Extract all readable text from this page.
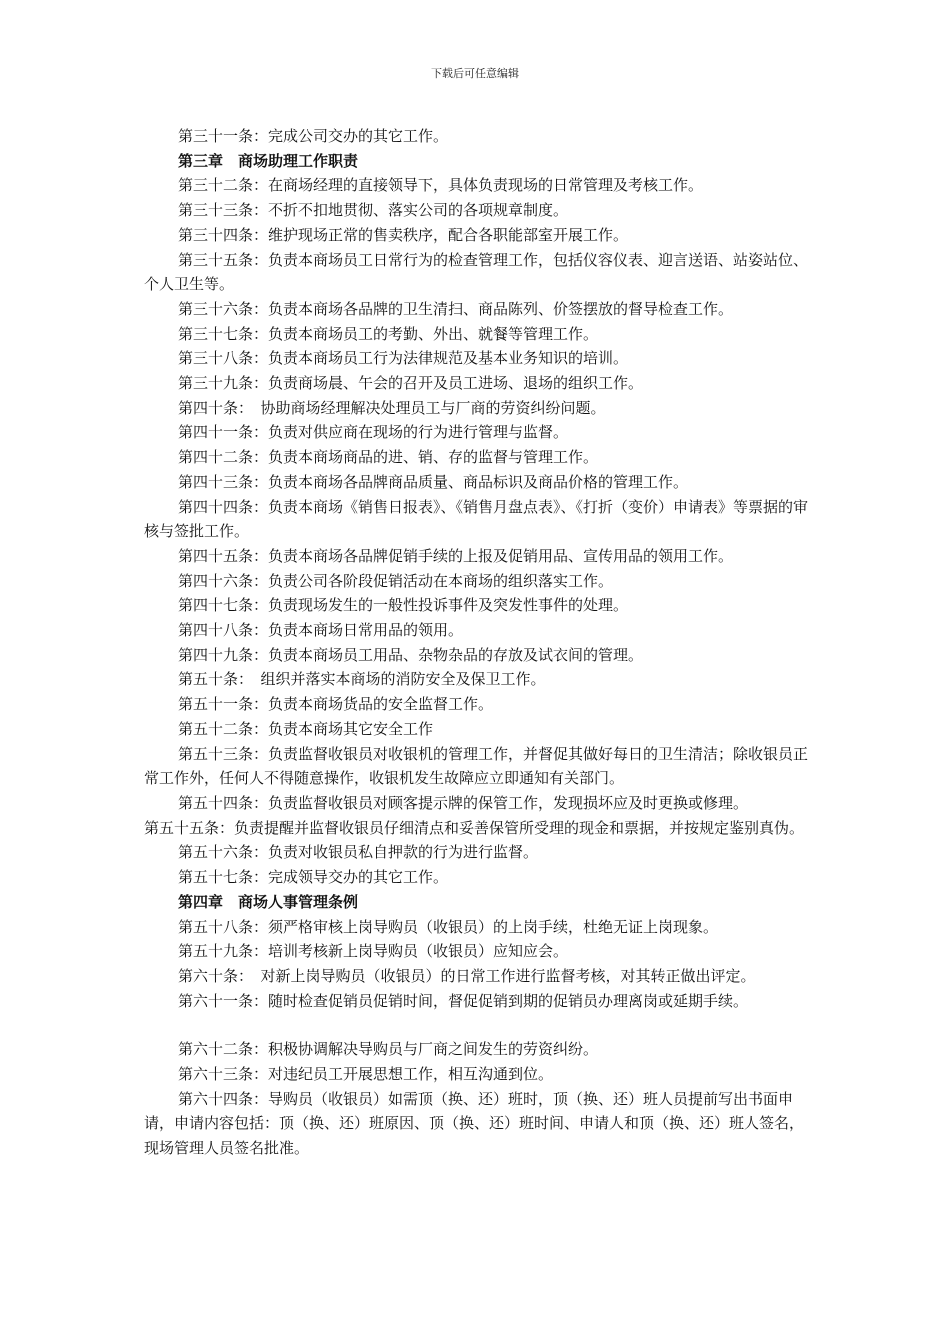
下载后可任意编辑

第三十一条：完成公司交办的其它工作。

第三章　商场助理工作职责

第三十二条：在商场经理的直接领导下，具体负责现场的日常管理及考核工作。

第三十三条：不折不扣地贯彻、落实公司的各项规章制度。

第三十四条：维护现场正常的售卖秩序，配合各职能部室开展工作。

第三十五条：负责本商场员工日常行为的检查管理工作，包括仪容仪表、迎言送语、站姿站位、个人卫生等。

第三十六条：负责本商场各品牌的卫生清扫、商品陈列、价签摆放的督导检查工作。

第三十七条：负责本商场员工的考勤、外出、就餐等管理工作。

第三十八条：负责本商场员工行为法律规范及基本业务知识的培训。

第三十九条：负责商场晨、午会的召开及员工进场、退场的组织工作。

第四十条：　协助商场经理解决处理员工与厂商的劳资纠纷问题。

第四十一条：负责对供应商在现场的行为进行管理与监督。

第四十二条：负责本商场商品的进、销、存的监督与管理工作。

第四十三条：负责本商场各品牌商品质量、商品标识及商品价格的管理工作。

第四十四条：负责本商场《销售日报表》、《销售月盘点表》、《打折（变价）申请表》等票据的审核与签批工作。

第四十五条：负责本商场各品牌促销手续的上报及促销用品、宣传用品的领用工作。

第四十六条：负责公司各阶段促销活动在本商场的组织落实工作。

第四十七条：负责现场发生的一般性投诉事件及突发性事件的处理。

第四十八条：负责本商场日常用品的领用。

第四十九条：负责本商场员工用品、杂物杂品的存放及试衣间的管理。

第五十条：　组织并落实本商场的消防安全及保卫工作。

第五十一条：负责本商场货品的安全监督工作。

第五十二条：负责本商场其它安全工作

第五十三条：负责监督收银员对收银机的管理工作，并督促其做好每日的卫生清洁；除收银员正常工作外，任何人不得随意操作，收银机发生故障应立即通知有关部门。

第五十四条：负责监督收银员对顾客提示牌的保管工作，发现损坏应及时更换或修理。

第五十五条：负责提醒并监督收银员仔细清点和妥善保管所受理的现金和票据，并按规定鉴别真伪。

第五十六条：负责对收银员私自押款的行为进行监督。

第五十七条：完成领导交办的其它工作。

第四章　商场人事管理条例

第五十八条：须严格审核上岗导购员（收银员）的上岗手续，杜绝无证上岗现象。

第五十九条：培训考核新上岗导购员（收银员）应知应会。

第六十条：　对新上岗导购员（收银员）的日常工作进行监督考核，对其转正做出评定。

第六十一条：随时检查促销员促销时间，督促促销到期的促销员办理离岗或延期手续。

第六十二条：积极协调解决导购员与厂商之间发生的劳资纠纷。

第六十三条：对违纪员工开展思想工作，相互沟通到位。

第六十四条：导购员（收银员）如需顶（换、还）班时，顶（换、还）班人员提前写出书面申请，申请内容包括：顶（换、还）班原因、顶（换、还）班时间、申请人和顶（换、还）班人签名，现场管理人员签名批准。
